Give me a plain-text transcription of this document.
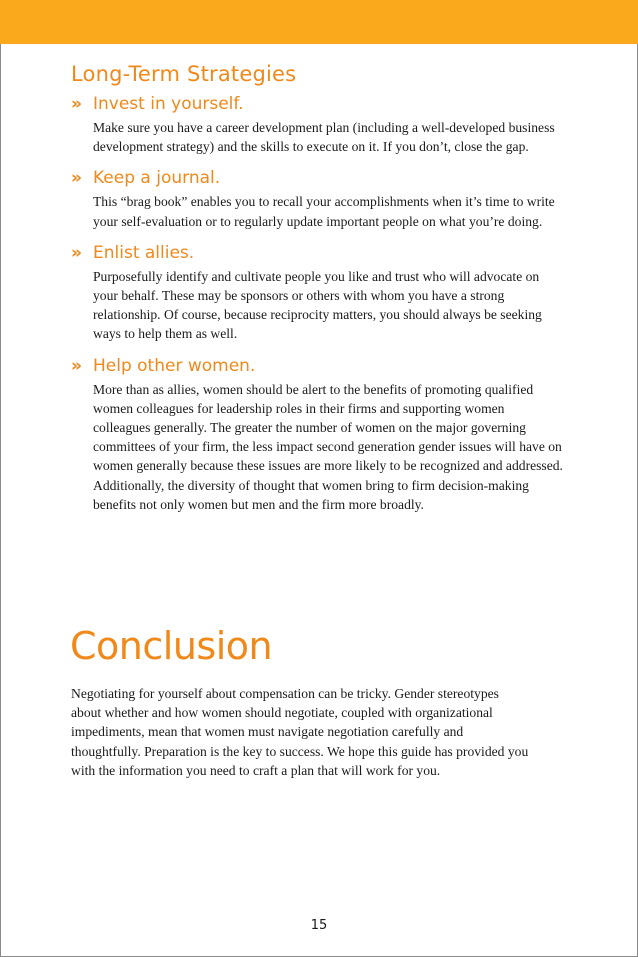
Long-Term Strategies
›› Invest in yourself.

Make sure you have a career development plan (including a well-developed business development strategy) and the skills to execute on it. If you don’t, close the gap.

›› Keep a journal.

This “brag book” enables you to recall your accomplishments when it’s time to write your self-evaluation or to regularly update important people on what you’re doing.

›› Enlist allies.

Purposefully identify and cultivate people you like and trust who will advocate on your behalf. These may be sponsors or others with whom you have a strong relationship. Of course, because reciprocity matters, you should always be seeking ways to help them as well.

›› Help other women.

More than as allies, women should be alert to the benefits of promoting qualified women colleagues for leadership roles in their firms and supporting women colleagues generally. The greater the number of women on the major governing committees of your firm, the less impact second generation gender issues will have on women generally because these issues are more likely to be recognized and addressed. Additionally, the diversity of thought that women bring to firm decision-making benefits not only women but men and the firm more broadly.

Conclusion

Negotiating for yourself about compensation can be tricky. Gender stereotypes about whether and how women should negotiate, coupled with organizational impediments, mean that women must navigate negotiation carefully and thoughtfully. Preparation is the key to success. We hope this guide has provided you with the information you need to craft a plan that will work for you.

15
